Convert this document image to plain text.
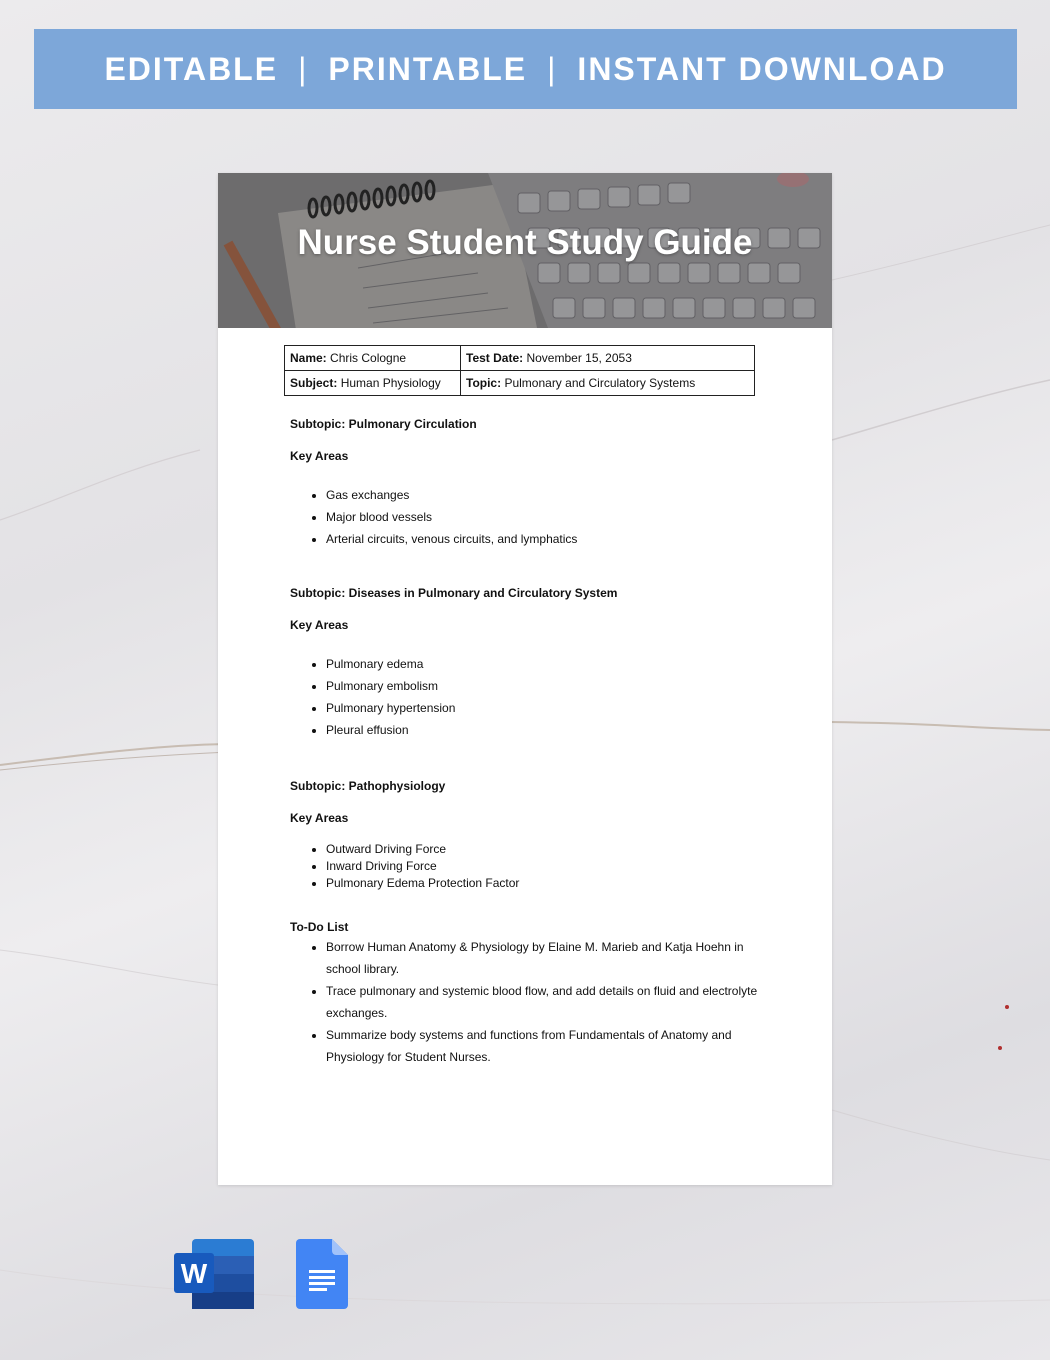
EDITABLE | PRINTABLE | INSTANT DOWNLOAD
Nurse Student Study Guide
Name: Chris Cologne	Test Date: November 15, 2053
Subject: Human Physiology	Topic: Pulmonary and Circulatory Systems
Subtopic: Pulmonary Circulation
Key Areas
• Gas exchanges
• Major blood vessels
• Arterial circuits, venous circuits, and lymphatics
Subtopic: Diseases in Pulmonary and Circulatory System
Key Areas
• Pulmonary edema
• Pulmonary embolism
• Pulmonary hypertension
• Pleural effusion
Subtopic: Pathophysiology
Key Areas
• Outward Driving Force
• Inward Driving Force
• Pulmonary Edema Protection Factor
To-Do List
• Borrow Human Anatomy & Physiology by Elaine M. Marieb and Katja Hoehn in school library.
• Trace pulmonary and systemic blood flow, and add details on fluid and electrolyte exchanges.
• Summarize body systems and functions from Fundamentals of Anatomy and Physiology for Student Nurses.
W
